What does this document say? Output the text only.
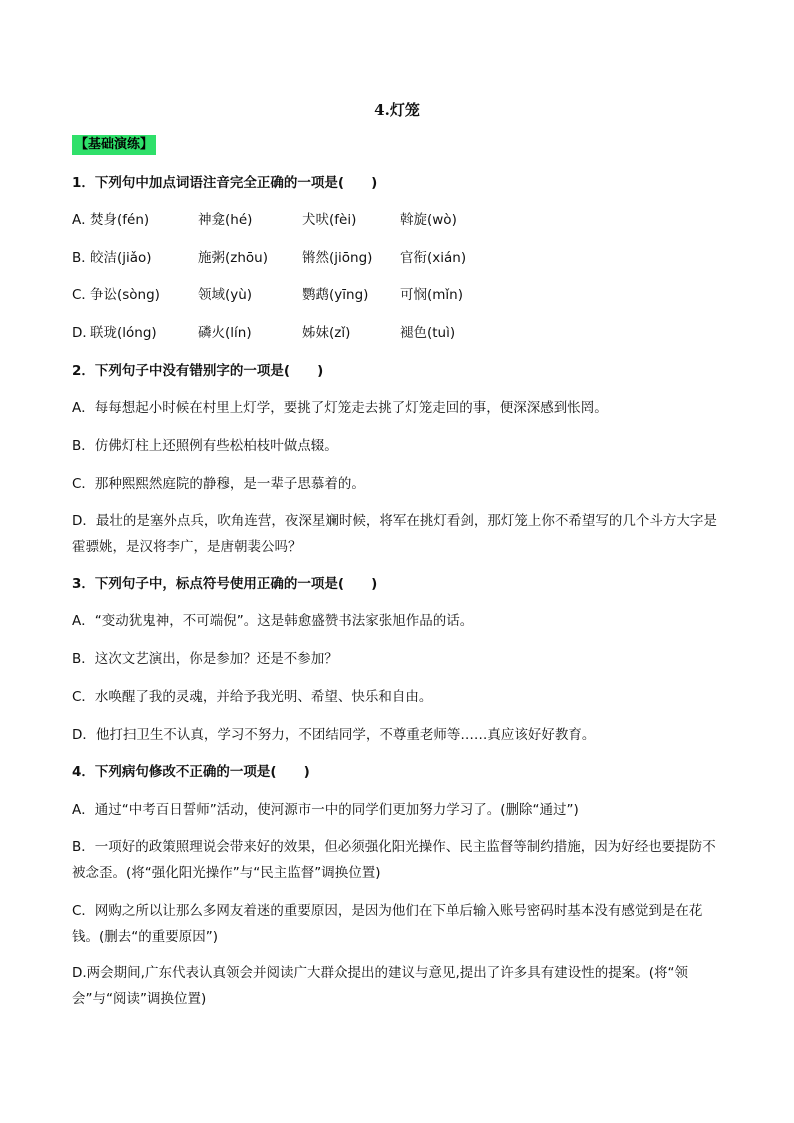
4.灯笼
【基础演练】
1．下列句中加点词语注音完全正确的一项是(　　)
A．
焚身(fén)	神龛(hé)	犬吠(fèi)	斡旋(wò)
B．
皎洁(jiǎo)	施粥(zhōu)	锵然(jiōng) 官衔(xián)
C．
争讼(sòng)	领域(yù)	鹦鹉(yīng) 可悯(mǐn)
D．
联珑(lóng)	磷火(lín)	姊妹(zǐ)	褪色(tuì)
2．下列句子中没有错别字的一项是(　　)
A．每每想起小时候在村里上灯学，要挑了灯笼走去挑了灯笼走回的事，便深深感到怅罔。
B．仿佛灯柱上还照例有些松柏枝叶做点辍。
C．那种熙熙然庭院的静穆，是一辈子思慕着的。
D．最壮的是塞外点兵，吹角连营，夜深星斓时候，将军在挑灯看剑，那灯笼上你不希望写的几个斗方大字是霍骠姚，是汉将李广，是唐朝裴公吗？
3．下列句子中，标点符号使用正确的一项是(　　)
A．“变动犹鬼神，不可端倪”。这是韩愈盛赞书法家张旭作品的话。
B．这次文艺演出，你是参加？还是不参加？
C．水唤醒了我的灵魂，并给予我光明、希望、快乐和自由。
D．他打扫卫生不认真，学习不努力，不团结同学，不尊重老师等……真应该好好教育。
4．下列病句修改不正确的一项是(　　)
A．通过“中考百日誓师”活动，使河源市一中的同学们更加努力学习了。(删除“通过”)
B．一项好的政策照理说会带来好的效果，但必须强化阳光操作、民主监督等制约措施，因为好经也要提防不被念歪。(将“强化阳光操作”与“民主监督”调换位置)
C．网购之所以让那么多网友着迷的重要原因，是因为他们在下单后输入账号密码时基本没有感觉到是在花钱。(删去“的重要原因”)
D.两会期间,广东代表认真领会并阅读广大群众提出的建议与意见,提出了许多具有建设性的提案。(将“领会”与“阅读”调换位置)
